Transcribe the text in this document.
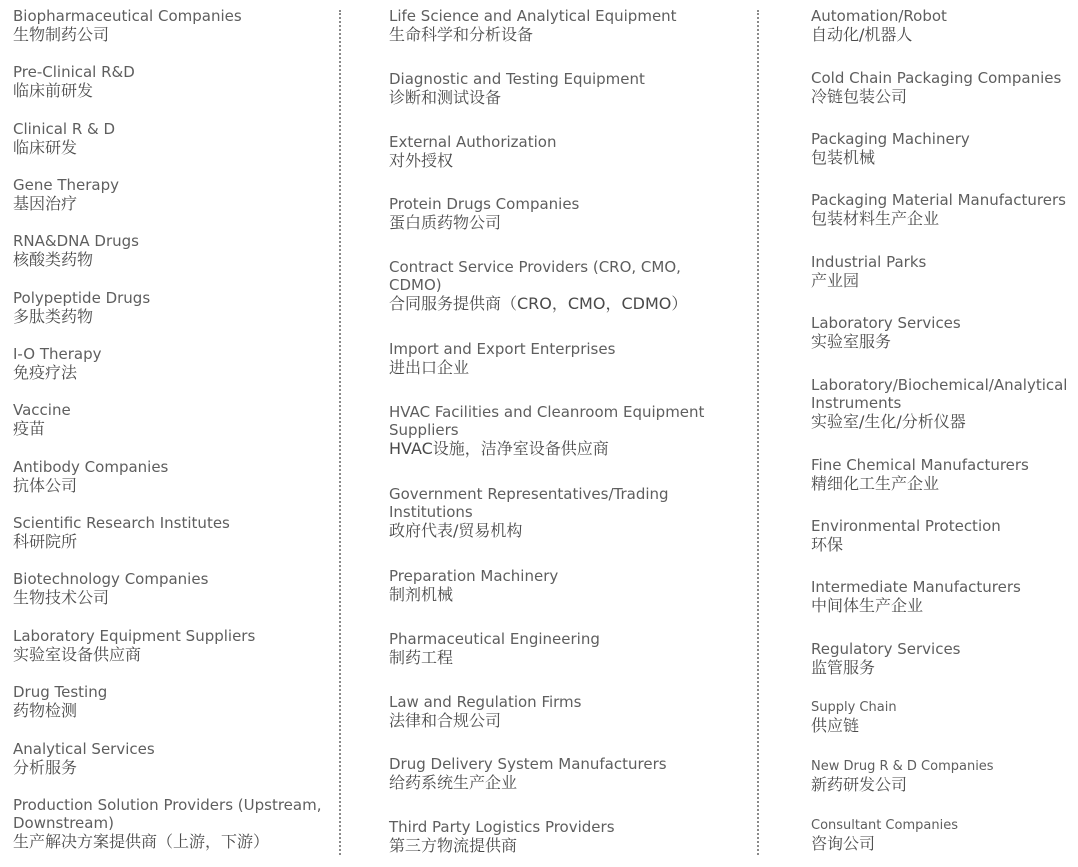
Biopharmaceutical Companies
生物制药公司
Pre-Clinical R&D
临床前研发
Clinical R & D
临床研发
Gene Therapy
基因治疗
RNA&DNA Drugs
核酸类药物
Polypeptide Drugs
多肽类药物
I-O Therapy
免疫疗法
Vaccine
疫苗
Antibody Companies
抗体公司
Scientific Research Institutes
科研院所
Biotechnology Companies
生物技术公司
Laboratory Equipment Suppliers
实验室设备供应商
Drug Testing
药物检测
Analytical Services
分析服务
Production Solution Providers (Upstream,
Downstream)
生产解决方案提供商（上游，下游）
Life Science and Analytical Equipment
生命科学和分析设备
Diagnostic and Testing Equipment
诊断和测试设备
External Authorization
对外授权
Protein Drugs Companies
蛋白质药物公司
Contract Service Providers (CRO, CMO,
CDMO)
合同服务提供商（CRO，CMO，CDMO）
Import and Export Enterprises
进出口企业
HVAC Facilities and Cleanroom Equipment
Suppliers
HVAC设施，洁净室设备供应商
Government Representatives/Trading
Institutions
政府代表/贸易机构
Preparation Machinery
制剂机械
Pharmaceutical Engineering
制药工程
Law and Regulation Firms
法律和合规公司
Drug Delivery System Manufacturers
给药系统生产企业
Third Party Logistics Providers
第三方物流提供商
Automation/Robot
自动化/机器人
Cold Chain Packaging Companies
冷链包装公司
Packaging Machinery
包装机械
Packaging Material Manufacturers
包装材料生产企业
Industrial Parks
产业园
Laboratory Services
实验室服务
Laboratory/Biochemical/Analytical
Instruments
实验室/生化/分析仪器
Fine Chemical Manufacturers
精细化工生产企业
Environmental Protection
环保
Intermediate Manufacturers
中间体生产企业
Regulatory Services
监管服务
Supply Chain
供应链
New Drug R & D Companies
新药研发公司
Consultant Companies
咨询公司
